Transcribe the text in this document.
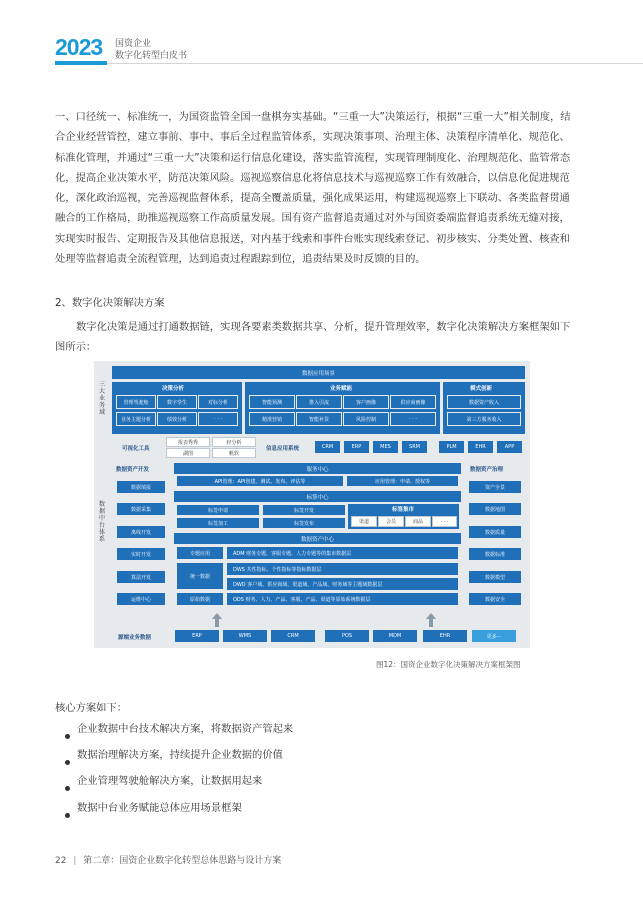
2023 国资企业
数字化转型白皮书
一、口径统一、标准统一，为国资监管全国一盘棋夯实基础。“三重一大”决策运行，根据“三重一大”相关制度，结合企业经营管控，建立事前、事中、事后全过程监管体系，实现决策事项、治理主体、决策程序清单化、规范化、标准化管理，并通过“三重一大”决策和运行信息化建设，落实监管流程，实现管理制度化、治理规范化、监管常态化，提高企业决策水平，防范决策风险。巡视巡察信息化将信息技术与巡视巡察工作有效融合，以信息化促进规范化，深化政治巡视，完善巡视监督体系，提高全覆盖质量，强化成果运用，构建巡视巡察上下联动、各类监督贯通融合的工作格局，助推巡视巡察工作高质量发展。国有资产监督追责通过对外与国资委端监督追责系统无缝对接，实现实时报告、定期报告及其他信息报送，对内基于线索和事件台账实现线索登记、初步核实、分类处置、核查和处理等监督追责全流程管理，达到追责过程跟踪到位，追责结果及时反馈的目的。
2、数字化决策解决方案
数字化决策是通过打通数据链，实现各要素类数据共享、分析，提升管理效率，数字化决策解决方案框架如下图所示：
三大业务域
数据中台体系
数据应用场景
决策分析
管理驾驶舱	数字孪生	对标分析
业务主题分析	绩效分析	· · ·
业务赋能
智能预测	推入引流	客户画像	供应商画像
精准营销	智能补货	风险控制	· · ·
模式创新
数据资产收入
第三方服务收入
可视化工具
报表秀秀
湖图
轻分析
帆软
信息应用系统	CRM	ERP	MES	SRM	PLM	EHR	APP
数据资产开发
数据填报
数据采集
离线开发
实时开发
算法开发
运维中心
数据资产治理
资产全景
数据地图
数据质量
数据标准
数据模型
数据安全
服务中心
API管理：API创建、测试、发布、评估等	应用管理：申请、授权等
标签中心
标签申请	标签开发
标签加工	标签发布
标签集市
渠道	会员	商品	· · ·
数据资产中心
专题应用
统一数据
原始数据
ADM 财务专题、客服专题、人力专题等的集市数据层
DWS 共性指标、个性指标等指标数据层
DWD 客户域、供应商域、渠道域、产品域、财务域等主题域数据层
ODS 财务、人力、产品、客服、产品、渠道等原始系统数据层
源端业务数据	ERP	WMS	CRM	POS	MDM	EHR	更多···
图12：国资企业数字化决策解决方案框架图
核心方案如下：
企业数据中台技术解决方案，将数据资产管起来
数据治理解决方案，持续提升企业数据的价值
企业管理驾驶舱解决方案，让数据用起来
数据中台业务赋能总体应用场景框架
22 | 第二章：国资企业数字化转型总体思路与设计方案
